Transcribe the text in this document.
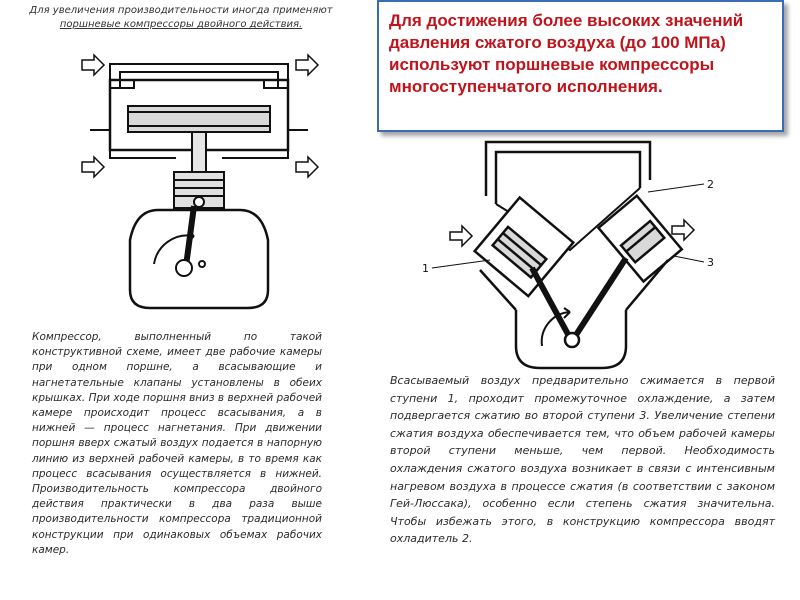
Для увеличения производительности иногда применяют
поршневые компрессоры двойного действия.	Для достижения более высоких значений давления сжатого воздуха (до 100 МПа) используют поршневые компрессоры многоступенчатого исполнения.
1
2
3
Компрессор, выполненный по такой конструктивной схеме, имеет две рабочие камеры при одном поршне, а всасывающие и нагнетательные клапаны установлены в обеих крышках. При ходе поршня вниз в верхней рабочей камере происходит процесс всасывания, а в нижней — процесс нагнетания. При движении поршня вверх сжатый воздух подается в напорную линию из верхней рабочей камеры, в то время как процесс всасывания осуществляется в нижней. Производительность компрессора двойного действия практически в два раза выше производительности компрессора традиционной конструкции при одинаковых объемах рабочих камер.
Всасываемый воздух предварительно сжимается в первой ступени 1, проходит промежуточное охлаждение, а затем подвергается сжатию во второй ступени 3. Увеличение степени сжатия воздуха обеспечивается тем, что объем рабочей камеры второй ступени меньше, чем первой. Необходимость охлаждения сжатого воздуха возникает в связи с интенсивным нагревом воздуха в процессе сжатия (в соответствии с законом Гей-Люссака), особенно если степень сжатия значительна. Чтобы избежать этого, в конструкцию компрессора вводят охладитель 2.
